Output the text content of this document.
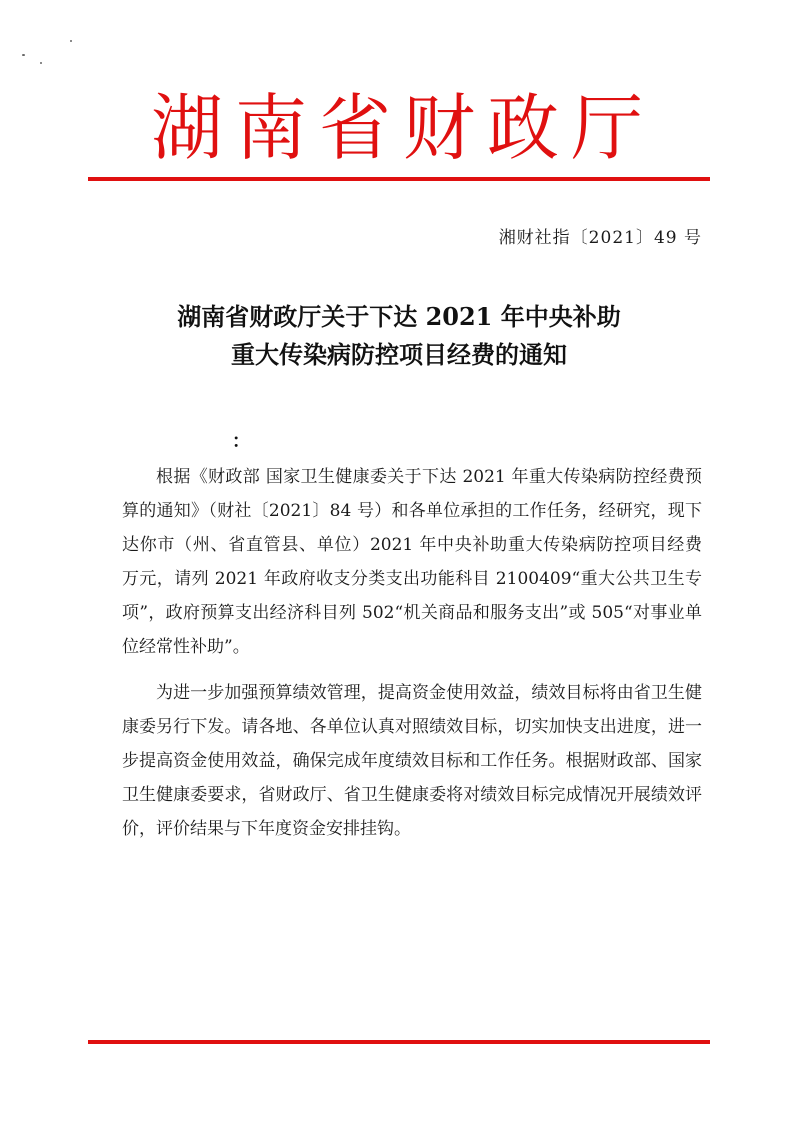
湖南省财政厅
湘财社指〔2021〕49 号
湖南省财政厅关于下达 2021 年中央补助
重大传染病防控项目经费的通知
：

根据《财政部 国家卫生健康委关于下达 2021 年重大传染病防控经费预算的通知》（财社〔2021〕84 号）和各单位承担的工作任务，经研究，现下达你市（州、省直管县、单位）2021 年中央补助重大传染病防控项目经费　　　万元，请列 2021 年政府收支分类支出功能科目 2100409“重大公共卫生专项”，政府预算支出经济科目列 502“机关商品和服务支出”或 505“对事业单位经常性补助”。

为进一步加强预算绩效管理，提高资金使用效益，绩效目标将由省卫生健康委另行下发。请各地、各单位认真对照绩效目标，切实加快支出进度，进一步提高资金使用效益，确保完成年度绩效目标和工作任务。根据财政部、国家卫生健康委要求，省财政厅、省卫生健康委将对绩效目标完成情况开展绩效评价，评价结果与下年度资金安排挂钩。
